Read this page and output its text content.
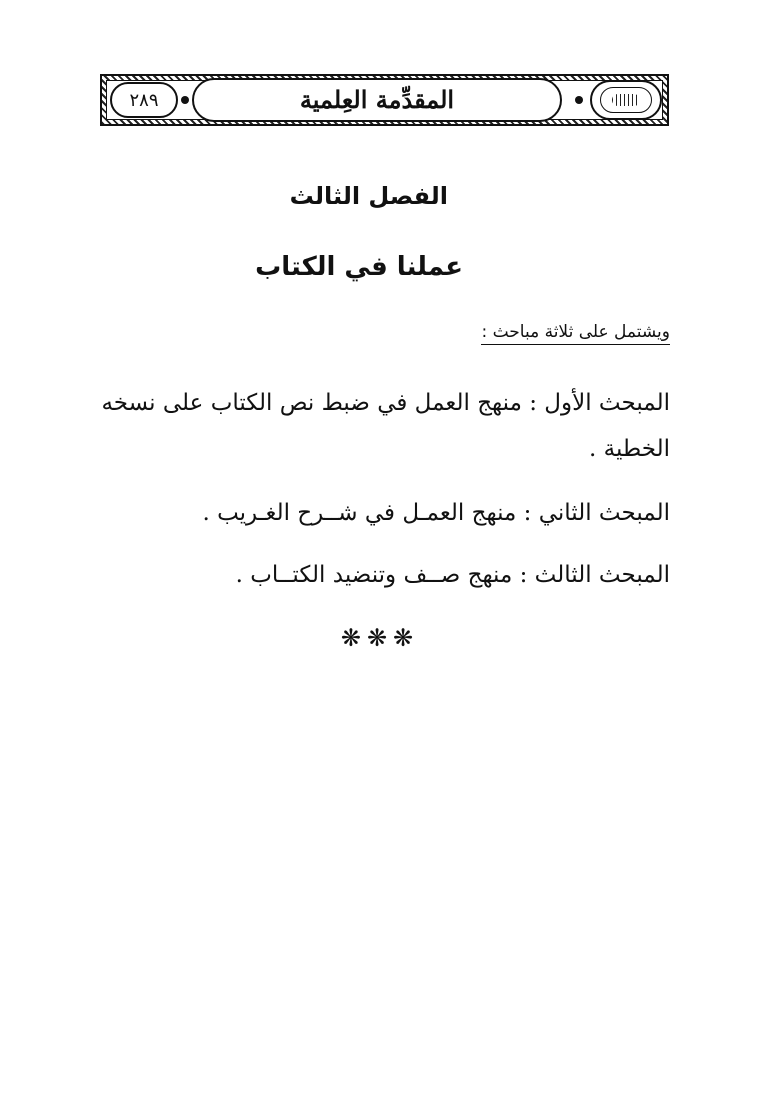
المقدِّمة العِلمية
٢٨٩
الفصل الثالث
عملنا في الكتاب
ويشتمل على ثلاثة مباحث :
المبحث الأول : منهج العمل في ضبط نص الكتاب على نسخه الخطية .
المبحث الثاني : منهج العمـل في شــرح الغـريب .
المبحث الثالث : منهج صــف وتنضيد الكتــاب .
❋❋❋
